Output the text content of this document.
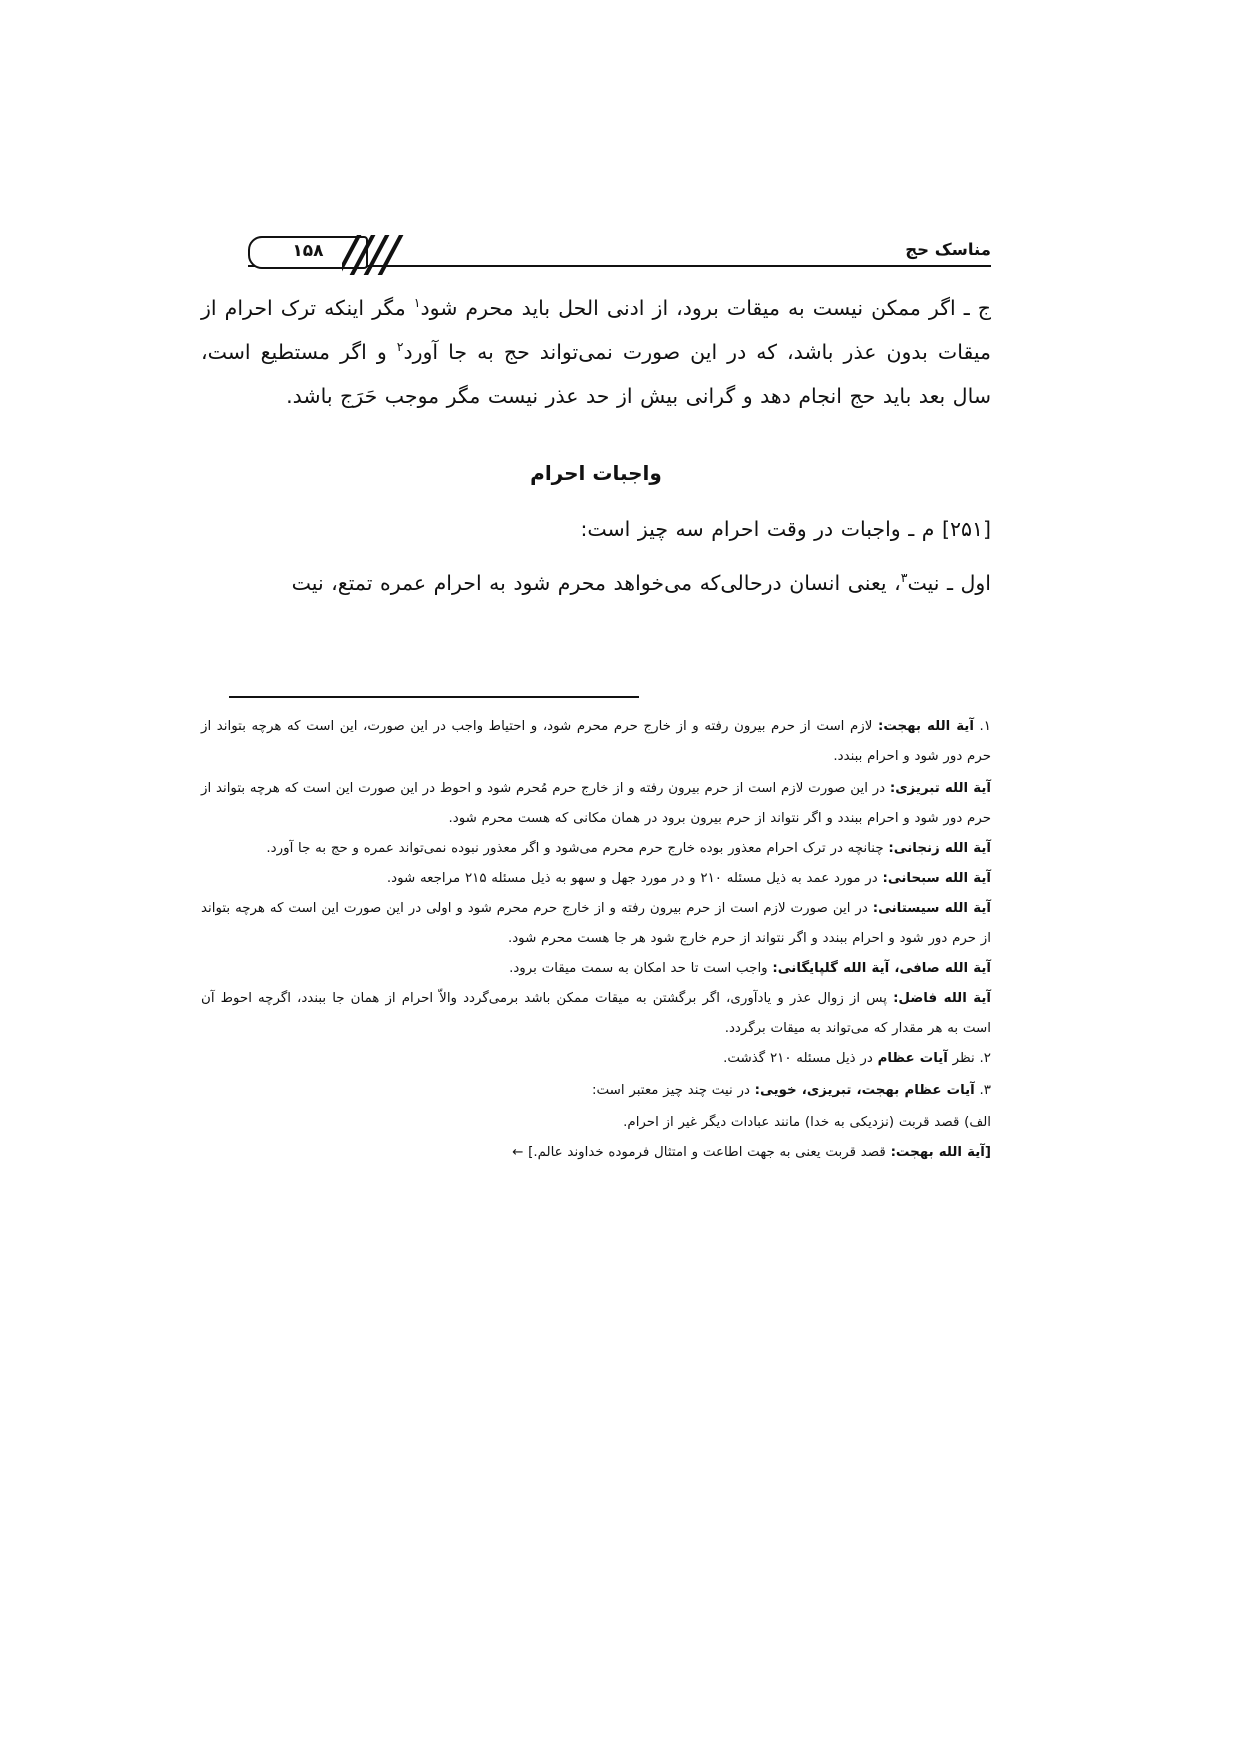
مناسک حج
۱۵۸

ج ـ اگر ممکن نیست به میقات برود، از ادنی الحل باید محرم شود$^۱$ مگر اینکه ترک احرام از میقات بدون عذر باشد، که در این صورت نمی‌تواند حج به جا آورد$^۲$ و اگر مستطیع است، سال بعد باید حج انجام دهد و گرانی بیش از حد عذر نیست مگر موجب حَرَج باشد.

واجبات احرام

[۲۵۱] م ـ واجبات در وقت احرام سه چیز است:

اول ـ نیت$^۳$، یعنی انسان درحالی‌که می‌خواهد محرم شود به احرام عمره تمتع، نیت

۱. آیة الله بهجت: لازم است از حرم بیرون رفته و از خارج حرم محرم شود، و احتیاط واجب در این صورت، این است که هرچه بتواند از حرم دور شود و احرام ببندد.
آیة الله تبریزی: در این صورت لازم است از حرم بیرون رفته و از خارج حرم مُحرم شود و احوط در این صورت این است که هرچه بتواند از حرم دور شود و احرام ببندد و اگر نتواند از حرم بیرون برود در همان مکانی که هست محرم شود.
آیة الله زنجانی: چنانچه در ترک احرام معذور بوده خارج حرم محرم می‌شود و اگر معذور نبوده نمی‌تواند عمره و حج به جا آورد.
آیة الله سبحانی: در مورد عمد به ذیل مسئله ۲۱۰ و در مورد جهل و سهو به ذیل مسئله ۲۱۵ مراجعه شود.
آیة الله سیستانی: در این صورت لازم است از حرم بیرون رفته و از خارج حرم محرم شود و اولی در این صورت این است که هرچه بتواند از حرم دور شود و احرام ببندد و اگر نتواند از حرم خارج شود هر جا هست محرم شود.
آیة الله صافی، آیة الله گلپایگانی: واجب است تا حد امکان به سمت میقات برود.
آیة الله فاضل: پس از زوال عذر و یادآوری، اگر برگشتن به میقات ممکن باشد برمی‌گردد والاّ احرام از همان جا ببندد، اگرچه احوط آن است به هر مقدار که می‌تواند به میقات برگردد.
۲. نظر آیات عظام در ذیل مسئله ۲۱۰ گذشت.
۳. آیات عظام بهجت، تبریزی، خویی: در نیت چند چیز معتبر است:
الف) قصد قربت (نزدیکی به خدا) مانند عبادات دیگر غیر از احرام.
[آیة الله بهجت: قصد قربت یعنی به جهت اطاعت و امتثال فرموده خداوند عالم.] ←
